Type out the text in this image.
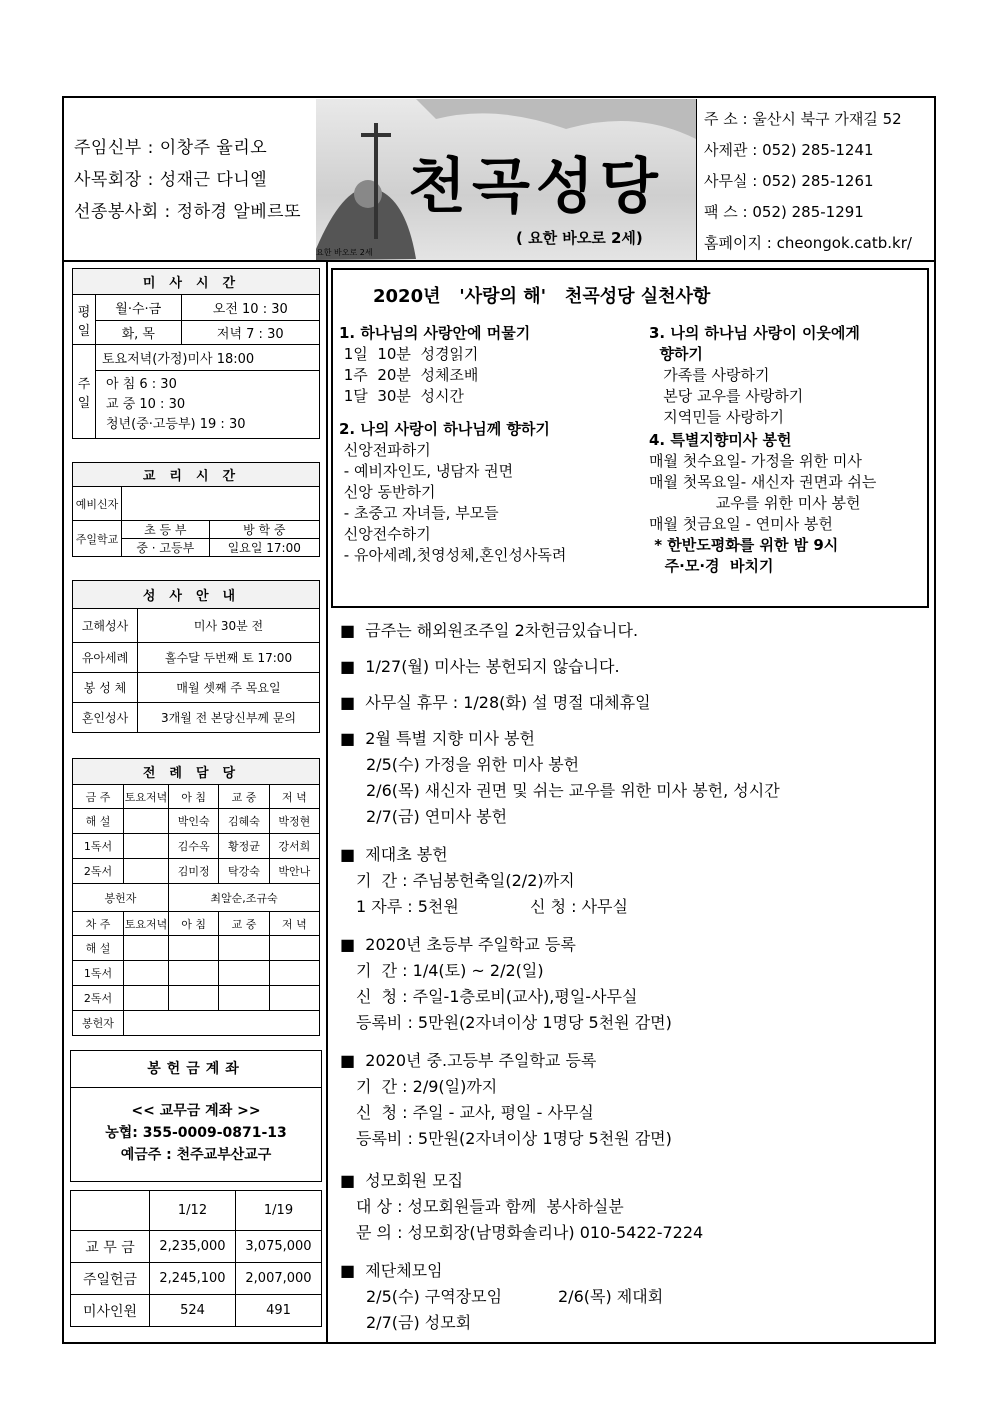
주임신부 : 이창주 율리오
사목회장 : 성재근 다니엘
선종봉사회 : 정하경 알베르또 천곡성당
( 요한 바오로 2세)
요한 바오로 2세
주 소 : 울산시 북구 가재길 52
사제관 : 052) 285-1241
사무실 : 052) 285-1261
팩 스 : 052) 285-1291
홈페이지 : cheongok.catb.kr/
미사시간		
평일	월·수·금	오전 10 : 30
	화, 목	저녁 7 : 30
주일	토요저녁(가정)미사 18:00	

	아 침 6 : 30
교 중 10 : 30
청년(중·고등부) 19 : 30	
교리시간		
예비신자		
주일학교	초 등 부	방 학 중
	중 · 고등부	일요일 17:00
성사안내	
고해성사	미사 30분 전
유아세례	홀수달 두번째 토 17:00
봉 성 체	매월 셋째 주 목요일
혼인성사	3개월 전 본당신부께 문의
전례담당				
금 주	토요저녁	아 침	교 중	저 녁
해 설		박인숙	김혜숙	박정현
1독서		김수옥	황정균	강서희
2독서		김미정	탁강숙	박안나
봉헌자		최알순,조규숙		
차 주	토요저녁	아 침	교 중	저 녁
해 설				
1독서				
2독서				
봉헌자				
봉헌금계좌
<< 교무금 계좌 >>
농협: 355-0009-0871-13
예금주 : 천주교부산교구
	1/12	1/19
교 무 금	2,235,000	3,075,000
주일헌금	2,245,100	2,007,000
미사인원	524	491
2020년   '사랑의 해'   천곡성당 실천사항
1. 하나님의 사랑안에 머물기
1일  10분  성경읽기
1주  20분  성체조배
1달  30분  성시간
2. 나의 사랑이 하나님께 향하기
신앙전파하기
- 예비자인도, 냉담자 권면
신앙 동반하기
- 초중고 자녀들, 부모들
신앙전수하기
- 유아세례,첫영성체,혼인성사독려
3. 나의 하나님 사랑이 이웃에게
향하기
가족를 사랑하기
본당 교우를 사랑하기
지역민들 사랑하기
4. 특별지향미사 봉헌
매월 첫수요일- 가정을 위한 미사
매월 첫목요일- 새신자 권면과 쉬는
교우를 위한 미사 봉헌
매월 첫금요일 - 연미사 봉헌
* 한반도평화를 위한 밤 9시
주·모·경  바치기
■ 금주는 해외원조주일 2차헌금있습니다.
■ 1/27(월) 미사는 봉헌되지 않습니다.
■ 사무실 휴무 : 1/28(화) 설 명절 대체휴일
■ 2월 특별 지향 미사 봉헌
2/5(수) 가정을 위한 미사 봉헌
2/6(목) 새신자 권면 및 쉬는 교우를 위한 미사 봉헌, 성시간
2/7(금) 연미사 봉헌
■ 제대초 봉헌
기  간 : 주님봉헌축일(2/2)까지
1 자루 : 5천원              신 청 : 사무실
■ 2020년 초등부 주일학교 등록
기  간 : 1/4(토) ~ 2/2(일)
신  청 : 주일-1층로비(교사),평일-사무실
등록비 : 5만원(2자녀이상 1명당 5천원 감면)
■ 2020년 중.고등부 주일학교 등록
기  간 : 2/9(일)까지
신  청 : 주일 - 교사, 평일 - 사무실
등록비 : 5만원(2자녀이상 1명당 5천원 감면)
■ 성모회원 모집
대 상 : 성모회원들과 함께  봉사하실분
문 의 : 성모회장(남명화솔리나) 010-5422-7224
■ 제단체모임
2/5(수) 구역장모임           2/6(목) 제대회
2/7(금) 성모회
